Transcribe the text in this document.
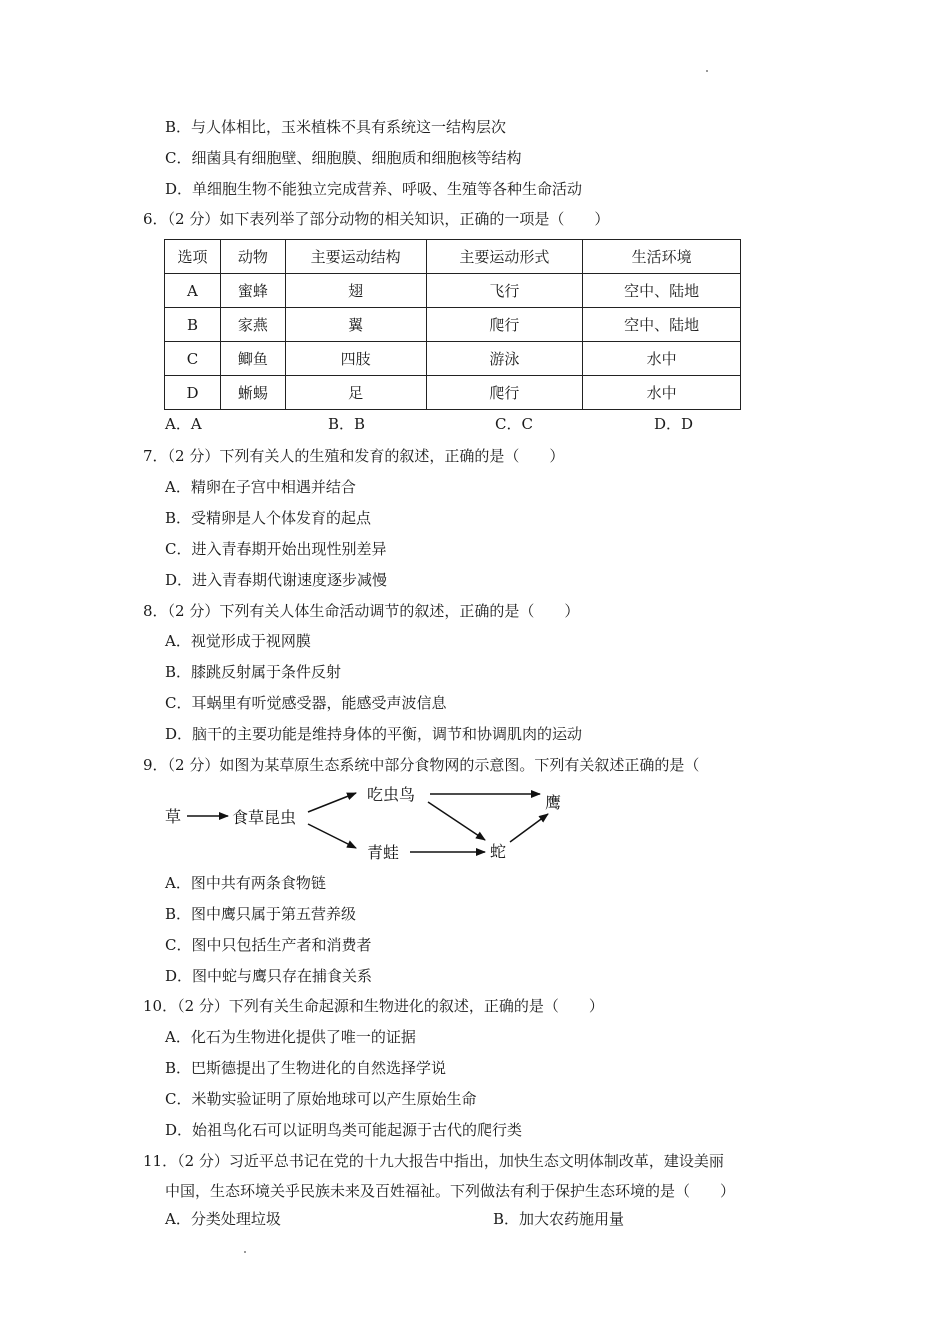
B．与人体相比，玉米植株不具有系统这一结构层次
C．细菌具有细胞壁、细胞膜、细胞质和细胞核等结构
D．单细胞生物不能独立完成营养、呼吸、生殖等各种生命活动
6．（2 分）如下表列举了部分动物的相关知识，正确的一项是（　　）
选项	动物	主要运动结构	主要运动形式	生活环境
A	蜜蜂	翅	飞行	空中、陆地
B	家燕	翼	爬行	空中、陆地
C	鲫鱼	四肢	游泳	水中
D	蜥蜴	足	爬行	水中
A．A	B．B	C．C	D．D
7．（2 分）下列有关人的生殖和发育的叙述，正确的是（　　）
A．精卵在子宫中相遇并结合
B．受精卵是人个体发育的起点
C．进入青春期开始出现性别差异
D．进入青春期代谢速度逐步减慢
8．（2 分）下列有关人体生命活动调节的叙述，正确的是（　　）
A．视觉形成于视网膜
B．膝跳反射属于条件反射
C．耳蜗里有听觉感受器，能感受声波信息
D．脑干的主要功能是维持身体的平衡，调节和协调肌肉的运动
9．（2 分）如图为某草原生态系统中部分食物网的示意图。下列有关叙述正确的是（
草	食草昆虫
吃虫鸟
青蛙
鹰
蛇
A．图中共有两条食物链
B．图中鹰只属于第五营养级
C．图中只包括生产者和消费者
D．图中蛇与鹰只存在捕食关系
10．（2 分）下列有关生命起源和生物进化的叙述，正确的是（　　）
A．化石为生物进化提供了唯一的证据
B．巴斯德提出了生物进化的自然选择学说
C．米勒实验证明了原始地球可以产生原始生命
D．始祖鸟化石可以证明鸟类可能起源于古代的爬行类
11．（2 分）习近平总书记在党的十九大报告中指出，加快生态文明体制改革，建设美丽
中国，生态环境关乎民族未来及百姓福祉。下列做法有利于保护生态环境的是（　　）
A．分类处理垃圾	B．加大农药施用量
